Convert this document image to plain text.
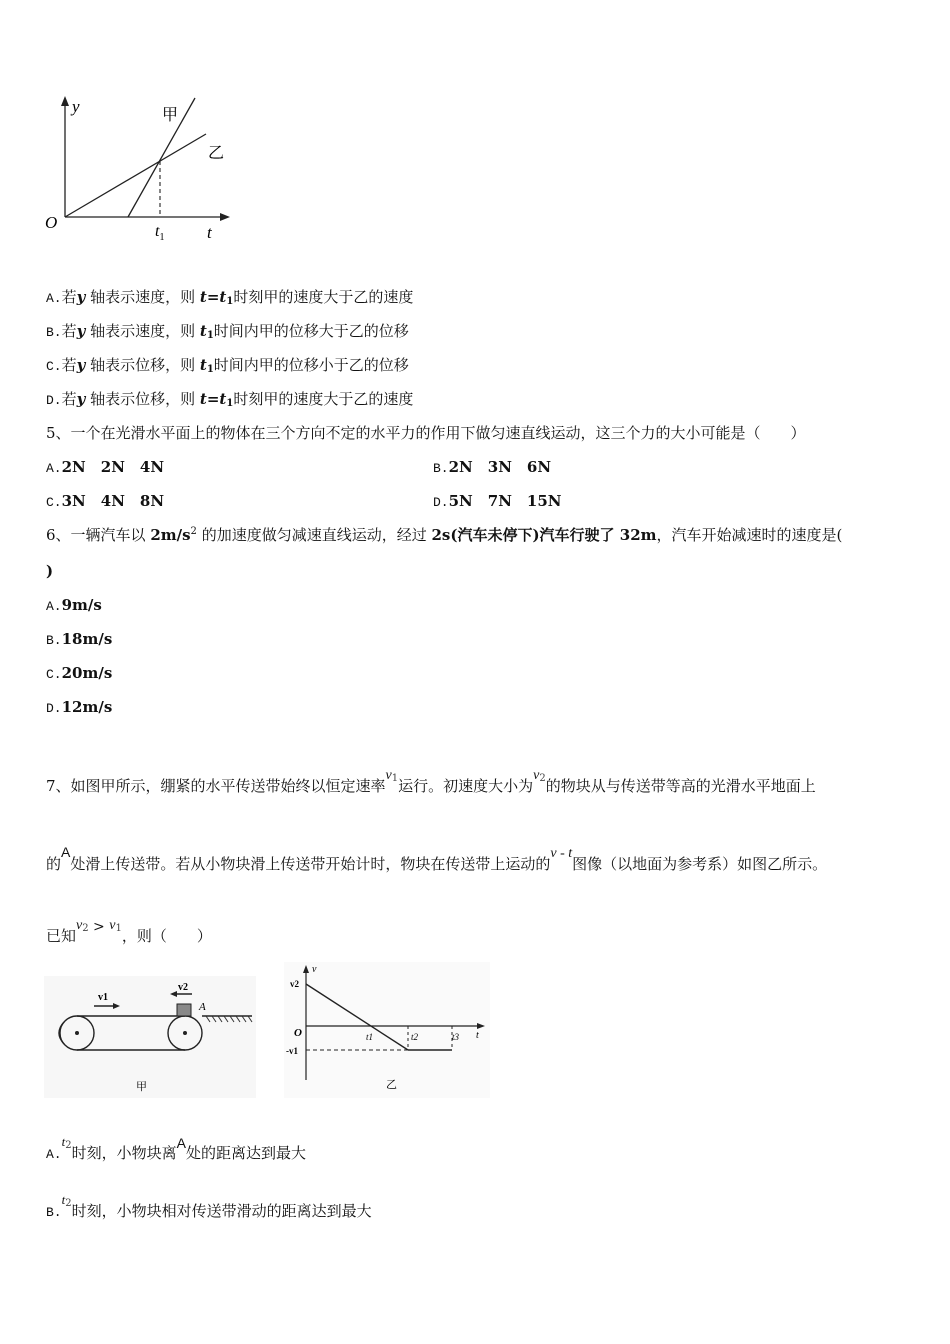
y	甲
乙
O	$t_1$	t
A.若y 轴表示速度，则 $t=t_1$时刻甲的速度大于乙的速度
B.若y 轴表示速度，则 $t_1$时间内甲的位移大于乙的位移
C.若y 轴表示位移，则 $t_1$时间内甲的位移小于乙的位移
D.若y 轴表示位移，则 $t=t_1$时刻甲的速度大于乙的速度
5、一个在光滑水平面上的物体在三个方向不定的水平力的作用下做匀速直线运动，这三个力的大小可能是（　　）
A.2N　2N　4N	B.2N　3N　6N
C.3N　4N　8N	D.5N　7N　15N
6、一辆汽车以 $2m/s^2$ 的加速度做匀减速直线运动，经过 2s(汽车未停下)汽车行驶了 32m，汽车开始减速时的速度是(
)
A.9m/s
B.18m/s
C.20m/s
D.12m/s
7、如图甲所示，绷紧的水平传送带始终以恒定速率$v^1$运行。初速度大小为$v^2$的物块从与传送带等高的光滑水平地面上
的A处滑上传送带。若从小物块滑上传送带开始计时，物块在传送带上运动的v - t图像（以地面为参考系）如图乙所示。
已知$v^2 > v^1$，则（　　）
v1
v2
A
甲
v
v2
O
-v1
t1	t2	t3 t
乙
$A.t^2$时刻，小物块离A处的距离达到最大
$B.t^2$时刻，小物块相对传送带滑动的距离达到最大
